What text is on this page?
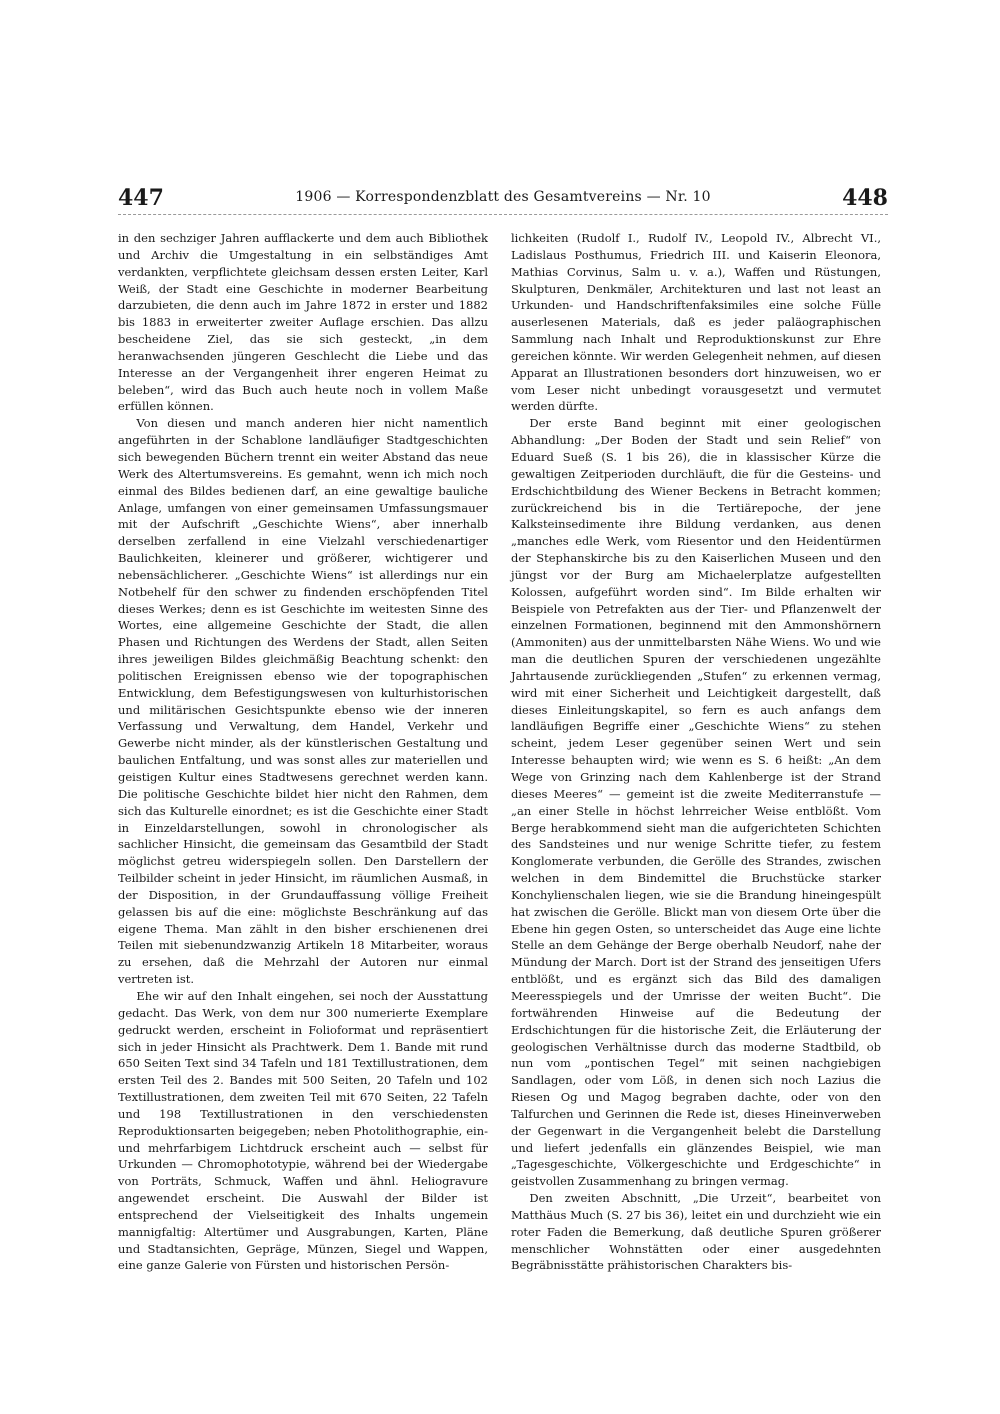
447	1906 — Korrespondenzblatt des Gesamtvereins — Nr. 10	448

in den sechziger Jahren aufflackerte und dem auch Bibliothek und Archiv die Umgestaltung in ein selbständiges Amt verdankten, verpflichtete gleichsam dessen ersten Leiter, Karl Weiß, der Stadt eine Geschichte in moderner Bearbeitung darzubieten, die denn auch im Jahre 1872 in erster und 1882 bis 1883 in erweiterter zweiter Auflage erschien. Das allzu bescheidene Ziel, das sie sich gesteckt, „in dem heranwachsenden jüngeren Geschlecht die Liebe und das Interesse an der Vergangenheit ihrer engeren Heimat zu beleben“, wird das Buch auch heute noch in vollem Maße erfüllen können.

Von diesen und manch anderen hier nicht namentlich angeführten in der Schablone landläufiger Stadtgeschichten sich bewegenden Büchern trennt ein weiter Abstand das neue Werk des Altertumsvereins. Es gemahnt, wenn ich mich noch einmal des Bildes bedienen darf, an eine gewaltige bauliche Anlage, umfangen von einer gemeinsamen Umfassungsmauer mit der Aufschrift „Geschichte Wiens“, aber innerhalb derselben zerfallend in eine Vielzahl verschiedenartiger Baulichkeiten, kleinerer und größerer, wichtigerer und nebensächlicherer. „Geschichte Wiens“ ist allerdings nur ein Notbehelf für den schwer zu findenden erschöpfenden Titel dieses Werkes; denn es ist Geschichte im weitesten Sinne des Wortes, eine allgemeine Geschichte der Stadt, die allen Phasen und Richtungen des Werdens der Stadt, allen Seiten ihres jeweiligen Bildes gleichmäßig Beachtung schenkt: den politischen Ereignissen ebenso wie der topographischen Entwicklung, dem Befestigungswesen von kulturhistorischen und militärischen Gesichtspunkte ebenso wie der inneren Verfassung und Verwaltung, dem Handel, Verkehr und Gewerbe nicht minder, als der künstlerischen Gestaltung und baulichen Entfaltung, und was sonst alles zur materiellen und geistigen Kultur eines Stadtwesens gerechnet werden kann. Die politische Geschichte bildet hier nicht den Rahmen, dem sich das Kulturelle einordnet; es ist die Geschichte einer Stadt in Einzeldarstellungen, sowohl in chronologischer als sachlicher Hinsicht, die gemeinsam das Gesamtbild der Stadt möglichst getreu widerspiegeln sollen. Den Darstellern der Teilbilder scheint in jeder Hinsicht, im räumlichen Ausmaß, in der Disposition, in der Grundauffassung völlige Freiheit gelassen bis auf die eine: möglichste Beschränkung auf das eigene Thema. Man zählt in den bisher erschienenen drei Teilen mit siebenundzwanzig Artikeln 18 Mitarbeiter, woraus zu ersehen, daß die Mehrzahl der Autoren nur einmal vertreten ist.

Ehe wir auf den Inhalt eingehen, sei noch der Ausstattung gedacht. Das Werk, von dem nur 300 numerierte Exemplare gedruckt werden, erscheint in Folioformat und repräsentiert sich in jeder Hinsicht als Prachtwerk. Dem 1. Bande mit rund 650 Seiten Text sind 34 Tafeln und 181 Textillustrationen, dem ersten Teil des 2. Bandes mit 500 Seiten, 20 Tafeln und 102 Textillustrationen, dem zweiten Teil mit 670 Seiten, 22 Tafeln und 198 Textillustrationen in den verschiedensten Reproduktionsarten beigegeben; neben Photolithographie, ein- und mehrfarbigem Lichtdruck erscheint auch — selbst für Urkunden — Chromophototypie, während bei der Wiedergabe von Porträts, Schmuck, Waffen und ähnl. Heliogravure angewendet erscheint. Die Auswahl der Bilder ist entsprechend der Vielseitigkeit des Inhalts ungemein mannigfaltig: Altertümer und Ausgrabungen, Karten, Pläne und Stadtansichten, Gepräge, Münzen, Siegel und Wappen, eine ganze Galerie von Fürsten und historischen Persön-

lichkeiten (Rudolf I., Rudolf IV., Leopold IV., Albrecht VI., Ladislaus Posthumus, Friedrich III. und Kaiserin Eleonora, Mathias Corvinus, Salm u. v. a.), Waffen und Rüstungen, Skulpturen, Denkmäler, Architekturen und last not least an Urkunden- und Handschriftenfaksimiles eine solche Fülle auserlesenen Materials, daß es jeder paläographischen Sammlung nach Inhalt und Reproduktionskunst zur Ehre gereichen könnte. Wir werden Gelegenheit nehmen, auf diesen Apparat an Illustrationen besonders dort hinzuweisen, wo er vom Leser nicht unbedingt vorausgesetzt und vermutet werden dürfte.

Der erste Band beginnt mit einer geologischen Abhandlung: „Der Boden der Stadt und sein Relief“ von Eduard Sueß (S. 1 bis 26), die in klassischer Kürze die gewaltigen Zeitperioden durchläuft, die für die Gesteins- und Erdschichtbildung des Wiener Beckens in Betracht kommen; zurückreichend bis in die Tertiärepoche, der jene Kalksteinsedimente ihre Bildung verdanken, aus denen „manches edle Werk, vom Riesentor und den Heidentürmen der Stephanskirche bis zu den Kaiserlichen Museen und den jüngst vor der Burg am Michaelerplatze aufgestellten Kolossen, aufgeführt worden sind“. Im Bilde erhalten wir Beispiele von Petrefakten aus der Tier- und Pflanzenwelt der einzelnen Formationen, beginnend mit den Ammonshörnern (Ammoniten) aus der unmittelbarsten Nähe Wiens. Wo und wie man die deutlichen Spuren der verschiedenen ungezählte Jahrtausende zurückliegenden „Stufen“ zu erkennen vermag, wird mit einer Sicherheit und Leichtigkeit dargestellt, daß dieses Einleitungskapitel, so fern es auch anfangs dem landläufigen Begriffe einer „Geschichte Wiens“ zu stehen scheint, jedem Leser gegenüber seinen Wert und sein Interesse behaupten wird; wie wenn es S. 6 heißt: „An dem Wege von Grinzing nach dem Kahlenberge ist der Strand dieses Meeres“ — gemeint ist die zweite Mediterranstufe — „an einer Stelle in höchst lehrreicher Weise entblößt. Vom Berge herabkommend sieht man die aufgerichteten Schichten des Sandsteines und nur wenige Schritte tiefer, zu festem Konglomerate verbunden, die Gerölle des Strandes, zwischen welchen in dem Bindemittel die Bruchstücke starker Konchylienschalen liegen, wie sie die Brandung hineingespült hat zwischen die Gerölle. Blickt man von diesem Orte über die Ebene hin gegen Osten, so unterscheidet das Auge eine lichte Stelle an dem Gehänge der Berge oberhalb Neudorf, nahe der Mündung der March. Dort ist der Strand des jenseitigen Ufers entblößt, und es ergänzt sich das Bild des damaligen Meeresspiegels und der Umrisse der weiten Bucht“. Die fortwährenden Hinweise auf die Bedeutung der Erdschichtungen für die historische Zeit, die Erläuterung der geologischen Verhältnisse durch das moderne Stadtbild, ob nun vom „pontischen Tegel“ mit seinen nachgiebigen Sandlagen, oder vom Löß, in denen sich noch Lazius die Riesen Og und Magog begraben dachte, oder von den Talfurchen und Gerinnen die Rede ist, dieses Hineinverweben der Gegenwart in die Vergangenheit belebt die Darstellung und liefert jedenfalls ein glänzendes Beispiel, wie man „Tagesgeschichte, Völkergeschichte und Erdgeschichte“ in geistvollen Zusammenhang zu bringen vermag.

Den zweiten Abschnitt, „Die Urzeit“, bearbeitet von Matthäus Much (S. 27 bis 36), leitet ein und durchzieht wie ein roter Faden die Bemerkung, daß deutliche Spuren größerer menschlicher Wohnstätten oder einer ausgedehnten Begräbnisstätte prähistorischen Charakters bis-
